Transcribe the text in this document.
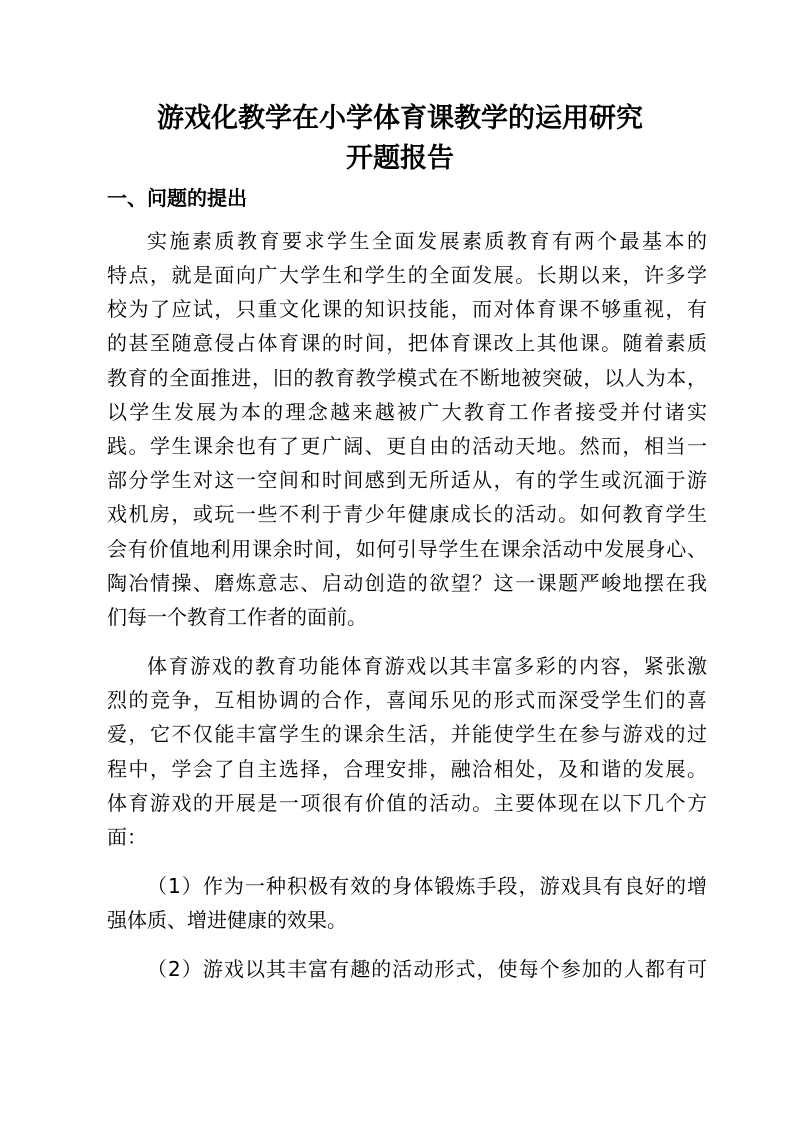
游戏化教学在小学体育课教学的运用研究
开题报告
一、问题的提出

实施素质教育要求学生全面发展素质教育有两个最基本的

特点，就是面向广大学生和学生的全面发展。长期以来，许多学

校为了应试，只重文化课的知识技能，而对体育课不够重视，有

的甚至随意侵占体育课的时间，把体育课改上其他课。随着素质

教育的全面推进，旧的教育教学模式在不断地被突破，以人为本，

以学生发展为本的理念越来越被广大教育工作者接受并付诸实

践。学生课余也有了更广阔、更自由的活动天地。然而，相当一

部分学生对这一空间和时间感到无所适从，有的学生或沉湎于游

戏机房，或玩一些不利于青少年健康成长的活动。如何教育学生

会有价值地利用课余时间，如何引导学生在课余活动中发展身心、

陶冶情操、磨炼意志、启动创造的欲望？这一课题严峻地摆在我

们每一个教育工作者的面前。

体育游戏的教育功能体育游戏以其丰富多彩的内容，紧张激

烈的竞争，互相协调的合作，喜闻乐见的形式而深受学生们的喜

爱，它不仅能丰富学生的课余生活，并能使学生在参与游戏的过

程中，学会了自主选择，合理安排，融洽相处，及和谐的发展。

体育游戏的开展是一项很有价值的活动。主要体现在以下几个方

面：

（1）作为一种积极有效的身体锻炼手段，游戏具有良好的增

强体质、增进健康的效果。

（2）游戏以其丰富有趣的活动形式，使每个参加的人都有可
